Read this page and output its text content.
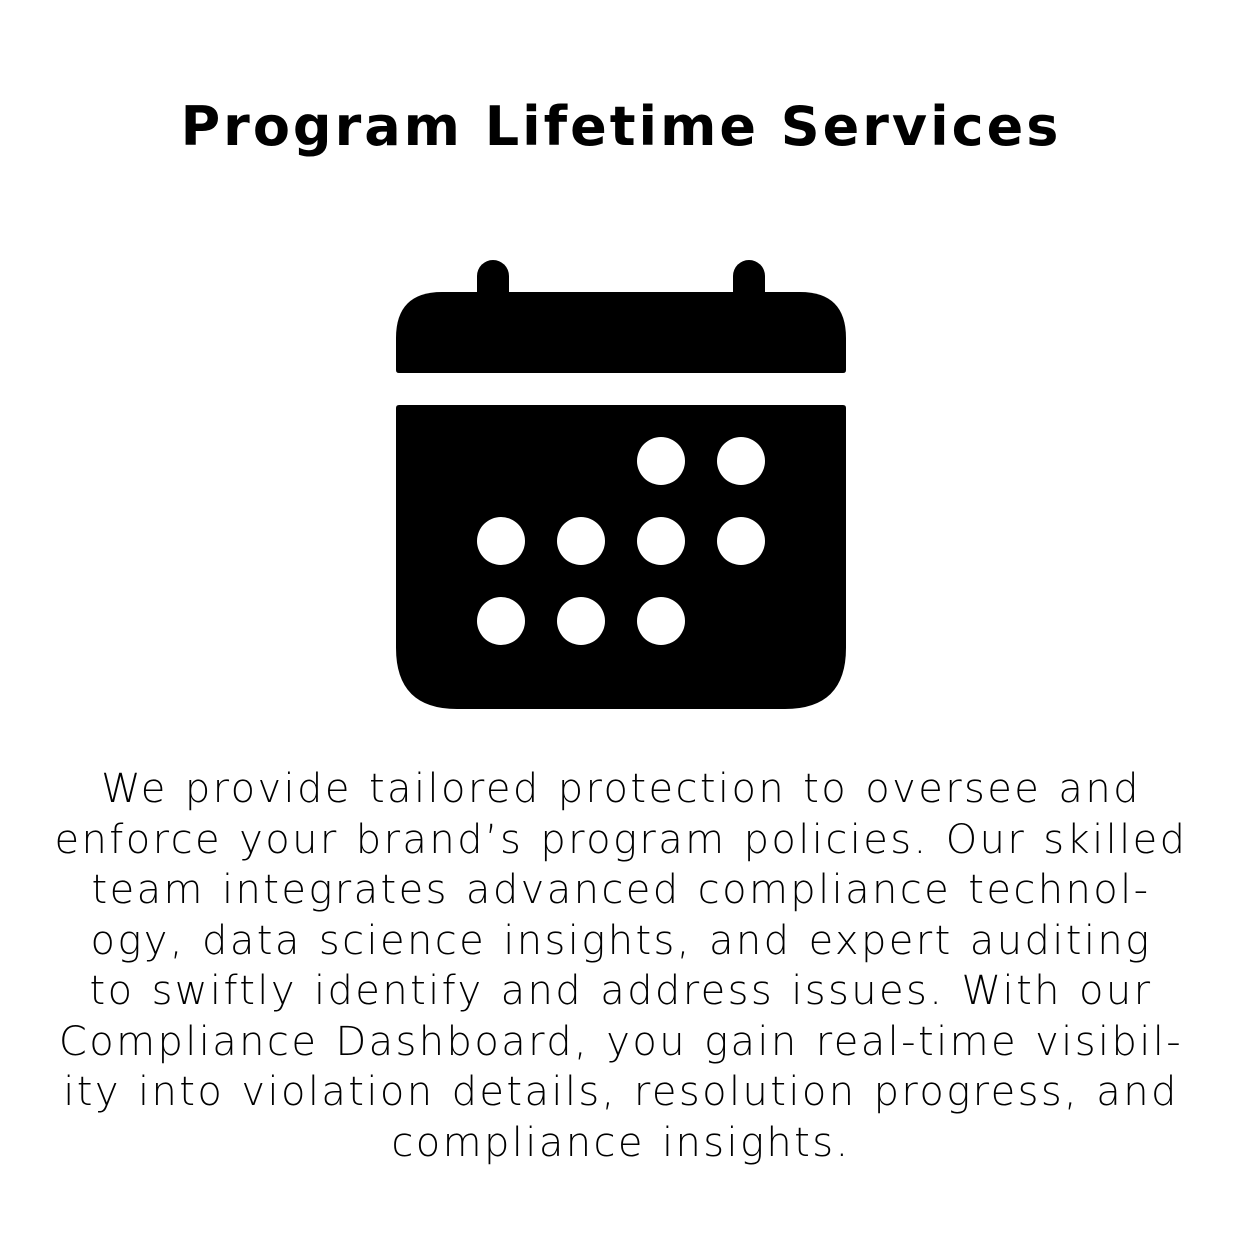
Program Lifetime Services

We provide tailored protection to oversee and
enforce your brand’s program policies. Our skilled
team integrates advanced compliance technol-
ogy, data science insights, and expert auditing
to swiftly identify and address issues. With our
Compliance Dashboard, you gain real-time visibil-
ity into violation details, resolution progress, and
compliance insights.
